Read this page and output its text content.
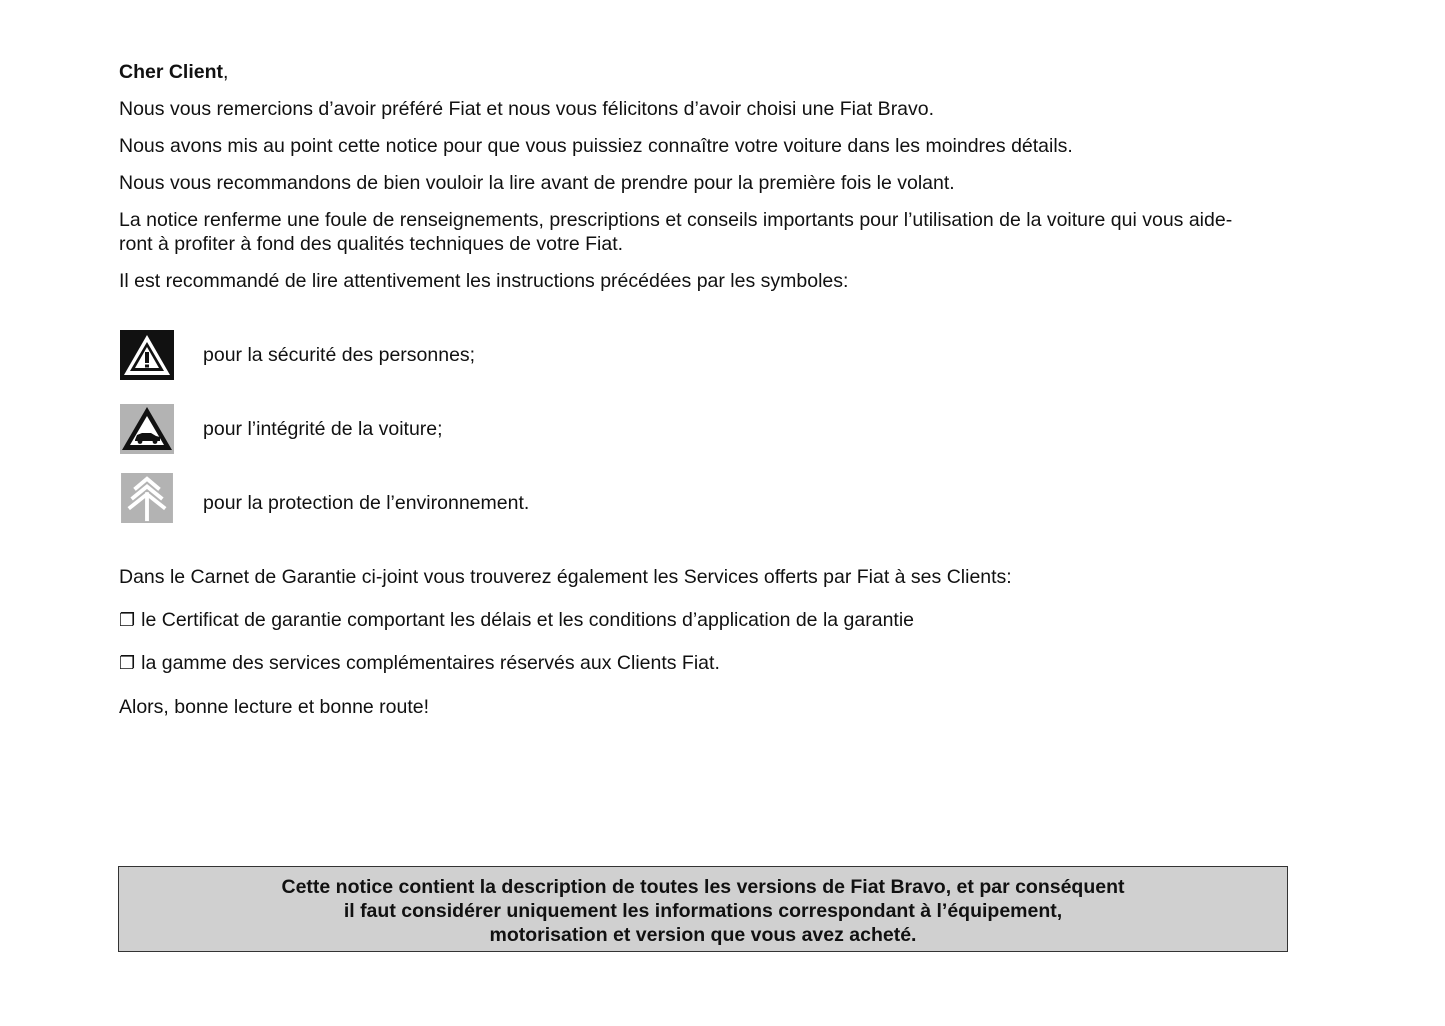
Cher Client,
Nous vous remercions d’avoir préféré Fiat et nous vous félicitons d’avoir choisi une Fiat Bravo.
Nous avons mis au point cette notice pour que vous puissiez connaître votre voiture dans les moindres détails.
Nous vous recommandons de bien vouloir la lire avant de prendre pour la première fois le volant.
La notice renferme une foule de renseignements, prescriptions et conseils importants pour l’utilisation de la voiture qui vous aide-
ront à profiter à fond des qualités techniques de votre Fiat.
Il est recommandé de lire attentivement les instructions précédées par les symboles:
pour la sécurité des personnes;
pour l’intégrité de la voiture;
pour la protection de l’environnement.
Dans le Carnet de Garantie ci-joint vous trouverez également les Services offerts par Fiat à ses Clients:
❐ le Certificat de garantie comportant les délais et les conditions d’application de la garantie
❐ la gamme des services complémentaires réservés aux Clients Fiat.
Alors, bonne lecture et bonne route!
Cette notice contient la description de toutes les versions de Fiat Bravo, et par conséquent
il faut considérer uniquement les informations correspondant à l’équipement,
motorisation et version que vous avez acheté.
